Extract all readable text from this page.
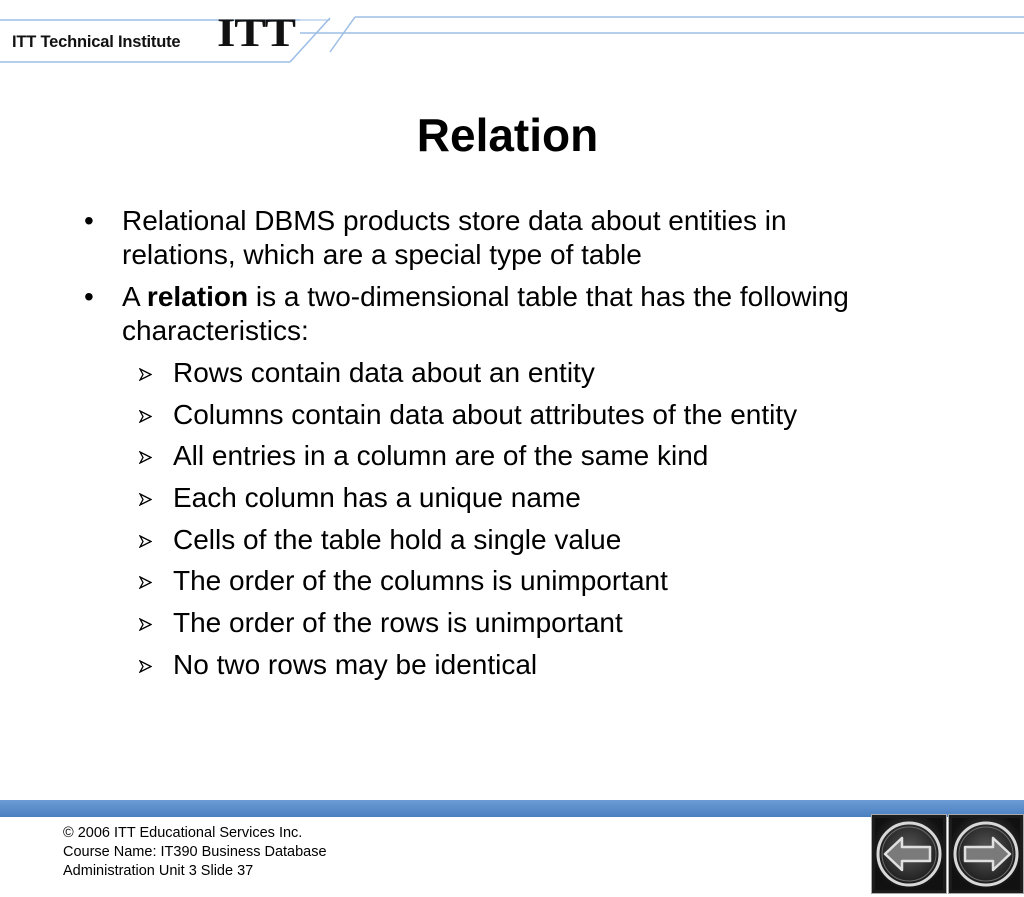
ITT Technical Institute ITT
Relation
• Relational DBMS products store data about entities in relations, which are a special type of table
• A relation is a two-dimensional table that has the following characteristics:
Rows contain data about an entity
Columns contain data about attributes of the entity
All entries in a column are of the same kind
Each column has a unique name
Cells of the table hold a single value
The order of the columns is unimportant
The order of the rows is unimportant
No two rows may be identical
© 2006 ITT Educational Services Inc.
Course Name: IT390 Business Database
Administration Unit 3 Slide 37
